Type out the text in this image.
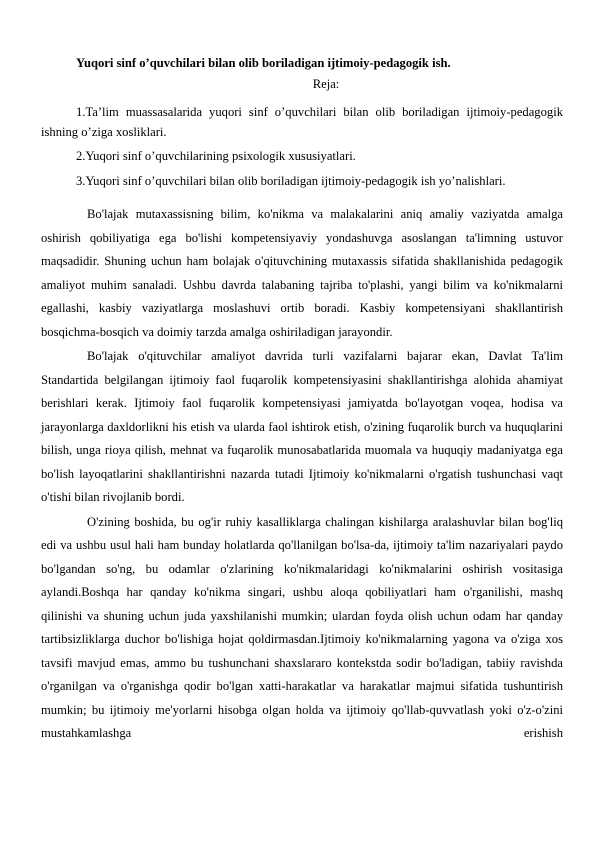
Yuqori sinf o’quvchilari bilan olib boriladigan ijtimoiy-pedagogik ish.
Reja:
1.Ta’lim muassasalarida yuqori sinf o’quvchilari bilan olib boriladigan ijtimoiy-pedagogik ishning o’ziga xosliklari.
2.Yuqori sinf o’quvchilarining psixologik xususiyatlari.
3.Yuqori sinf o’quvchilari bilan olib boriladigan ijtimoiy-pedagogik ish yo’nalishlari.

Bo'lajak mutaxassisning bilim, ko'nikma va malakalarini aniq amaliy vaziyatda amalga oshirish qobiliyatiga ega bo'lishi kompetensiyaviy yondashuvga asoslangan ta'limning ustuvor maqsadidir. Shuning uchun ham bolajak o'qituvchining mutaxassis sifatida shakllanishida pedagogik amaliyot muhim sanaladi. Ushbu davrda talabaning tajriba to'plashi, yangi bilim va ko'nikmalarni egallashi, kasbiy vaziyatlarga moslashuvi ortib boradi. Kasbiy kompetensiyani shakllantirish bosqichma-bosqich va doimiy tarzda amalga oshiriladigan jarayondir.

Bo'lajak o'qituvchilar amaliyot davrida turli vazifalarni bajarar ekan, Davlat Ta'lim Standartida belgilangan ijtimoiy faol fuqarolik kompetensiyasini shakllantirishga alohida ahamiyat berishlari kerak. Ijtimoiy faol fuqarolik kompetensiyasi jamiyatda bo'layotgan voqea, hodisa va jarayonlarga daxldorlikni his etish va ularda faol ishtirok etish, o'zining fuqarolik burch va huquqlarini bilish, unga rioya qilish, mehnat va fuqarolik munosabatlarida muomala va huquqiy madaniyatga ega bo'lish layoqatlarini shakllantirishni nazarda tutadi Ijtimoiy ko'nikmalarni o'rgatish tushunchasi vaqt o'tishi bilan rivojlanib bordi.

O'zining boshida, bu og'ir ruhiy kasalliklarga chalingan kishilarga aralashuvlar bilan bog'liq edi va ushbu usul hali ham bunday holatlarda qo'llanilgan bo'lsa-da, ijtimoiy ta'lim nazariyalari paydo bo'lgandan so'ng, bu odamlar o'zlarining ko'nikmalaridagi ko'nikmalarini oshirish vositasiga aylandi.Boshqa har qanday ko'nikma singari, ushbu aloqa qobiliyatlari ham o'rganilishi, mashq qilinishi va shuning uchun juda yaxshilanishi mumkin; ulardan foyda olish uchun odam har qanday tartibsizliklarga duchor bo'lishiga hojat qoldirmasdan.Ijtimoiy ko'nikmalarning yagona va o'ziga xos tavsifi mavjud emas, ammo bu tushunchani shaxslararo kontekstda sodir bo'ladigan, tabiiy ravishda o'rganilgan va o'rganishga qodir bo'lgan xatti-harakatlar va harakatlar majmui sifatida tushuntirish mumkin; bu ijtimoiy me'yorlarni hisobga olgan holda va ijtimoiy qo'llab-quvvatlash yoki o'z-o'zini mustahkamlashga erishish
